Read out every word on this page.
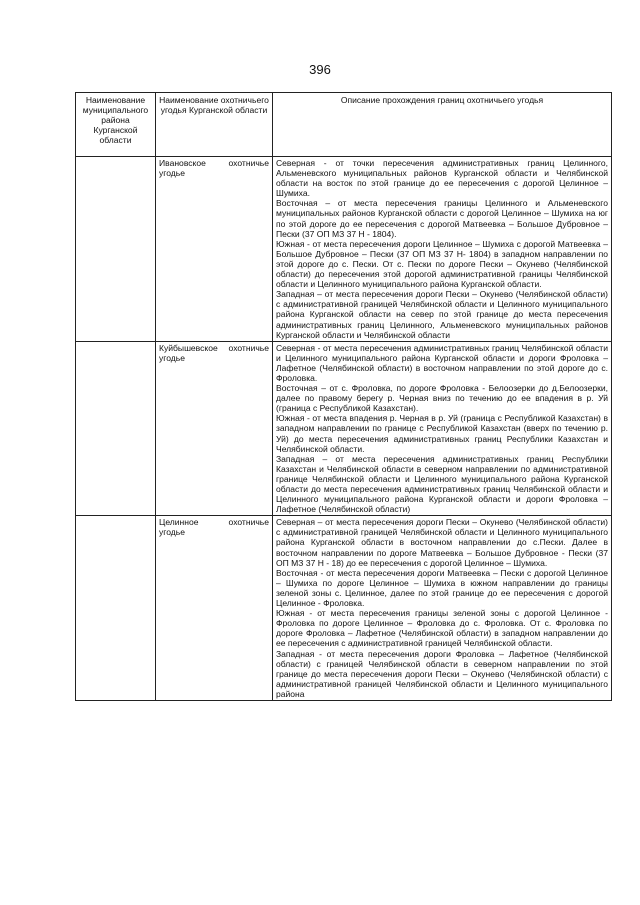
396
Наименование муниципального района Курганской области	Наименование охотничьего угодья Курганской области	Описание прохождения границ охотничьего угодья
	Ивановское охотничье угодье	Северная - от точки пересечения административных границ Целинного, Альменевского муниципальных районов Курганской области и Челябинской области на восток по этой границе до ее пересечения с дорогой Целинное – Шумиха.

Восточная – от места пересечения границы Целинного и Альменевского муниципальных районов Курганской области с дорогой Целинное – Шумиха на юг по этой дороге до ее пересечения с дорогой Матвеевка – Большое Дубровное – Пески (37 ОП МЗ 37 Н - 1804).

Южная - от места пересечения дороги Целинное – Шумиха с дорогой Матвеевка – Большое Дубровное – Пески (37 ОП МЗ 37 Н- 1804) в западном направлении по этой дороге до с. Пески. От с. Пески по дороге Пески – Окунево (Челябинской области) до пересечения этой дорогой административной границы Челябинской области и Целинного муниципального района Курганской области.

Западная – от места пересечения дороги Пески – Окунево (Челябинской области) с административной границей Челябинской области и Целинного муниципального района Курганской области на север по этой границе до места пересечения административных границ Целинного, Альменевского муниципальных районов Курганской области и Челябинской области

	Куйбышевское охотничье угодье	Северная - от места пересечения административных границ Челябинской области и Целинного муниципального района Курганской области и дороги Фроловка – Лафетное (Челябинской области) в восточном направлении по этой дороге до с. Фроловка.

Восточная – от с. Фроловка, по дороге Фроловка - Белоозерки до д.Белоозерки, далее по правому берегу р. Черная вниз по течению до ее впадения в р. Уй (граница с Республикой Казахстан).

Южная - от места впадения р. Черная в р. Уй (граница с Республикой Казахстан) в западном направлении по границе с Республикой Казахстан (вверх по течению р. Уй) до места пересечения административных границ Республики Казахстан и Челябинской области.

Западная – от места пересечения административных границ Республики Казахстан и Челябинской области в северном направлении по административной границе Челябинской области и Целинного муниципального района Курганской области до места пересечения административных границ Челябинской области и Целинного муниципального района Курганской области и дороги Фроловка – Лафетное (Челябинской области)

	Целинное охотничье угодье	Северная – от места пересечения дороги Пески – Окунево (Челябинской области) с административной границей Челябинской области и Целинного муниципального района Курганской области в восточном направлении до с.Пески. Далее в восточном направлении по дороге Матвеевка – Большое Дубровное - Пески (37 ОП МЗ 37 Н - 18) до ее пересечения с дорогой Целинное – Шумиха.

Восточная - от места пересечения дороги Матвеевка – Пески с дорогой Целинное – Шумиха по дороге Целинное – Шумиха в южном направлении до границы зеленой зоны с. Целинное, далее по этой границе до ее пересечения с дорогой Целинное - Фроловка.

Южная - от места пересечения границы зеленой зоны с дорогой Целинное - Фроловка по дороге Целинное – Фроловка до с. Фроловка. От с. Фроловка по дороге Фроловка – Лафетное (Челябинской области) в западном направлении до ее пересечения с административной границей Челябинской области.

Западная - от места пересечения дороги Фроловка – Лафетное (Челябинской области) с границей Челябинской области в северном направлении по этой границе до места пересечения дороги Пески – Окунево (Челябинской области) с административной границей Челябинской области и Целинного муниципального района
